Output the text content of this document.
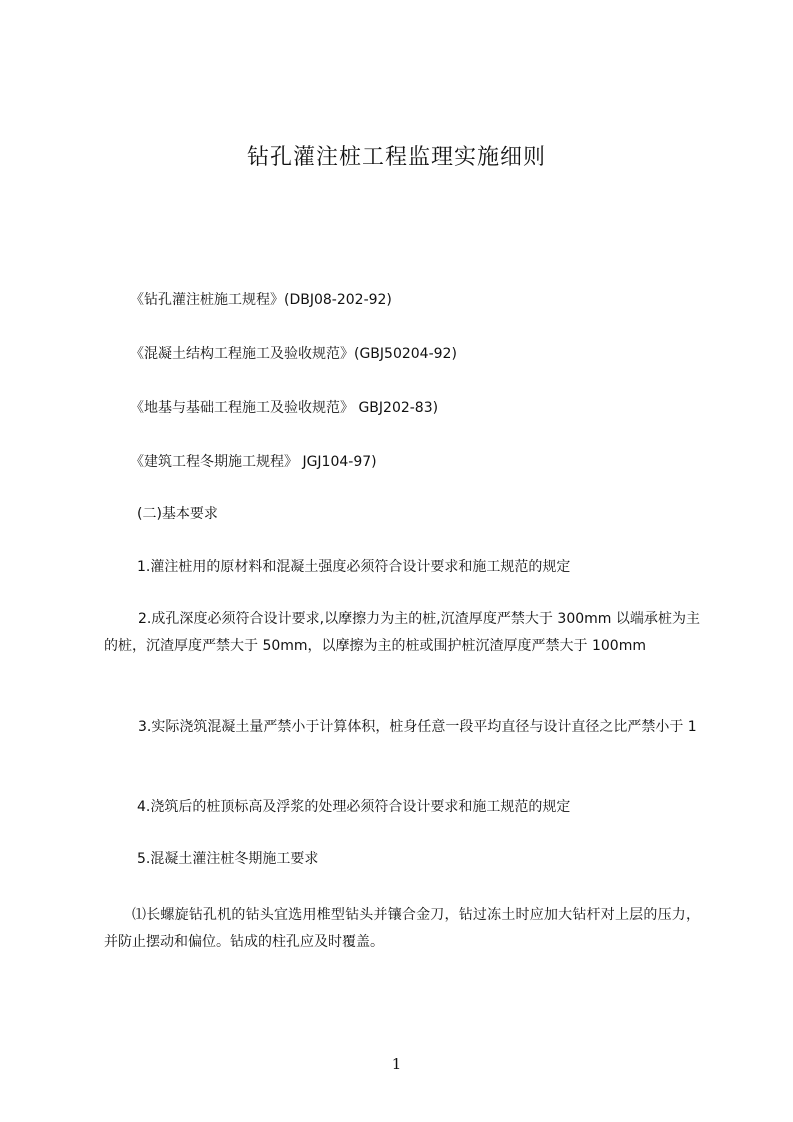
钻孔灌注桩工程监理实施细则

《钻孔灌注桩施工规程》(DBJ08-202-92)

《混凝土结构工程施工及验收规范》(GBJ50204-92)

《地基与基础工程施工及验收规范》 GBJ202-83)

《建筑工程冬期施工规程》 JGJ104-97)

(二)基本要求

1.灌注桩用的原材料和混凝土强度必须符合设计要求和施工规范的规定

2.成孔深度必须符合设计要求,以摩擦力为主的桩,沉渣厚度严禁大于 300mm 以端承桩为主的桩，沉渣厚度严禁大于 50mm，以摩擦为主的桩或围护桩沉渣厚度严禁大于 100mm

3.实际浇筑混凝土量严禁小于计算体积，桩身任意一段平均直径与设计直径之比严禁小于 1

4.浇筑后的桩顶标高及浮浆的处理必须符合设计要求和施工规范的规定

5.混凝土灌注桩冬期施工要求

⑴长螺旋钻孔机的钻头宜选用椎型钻头并镶合金刀，钻过冻土时应加大钻杆对上层的压力，并防止摆动和偏位。钻成的柱孔应及时覆盖。

1
